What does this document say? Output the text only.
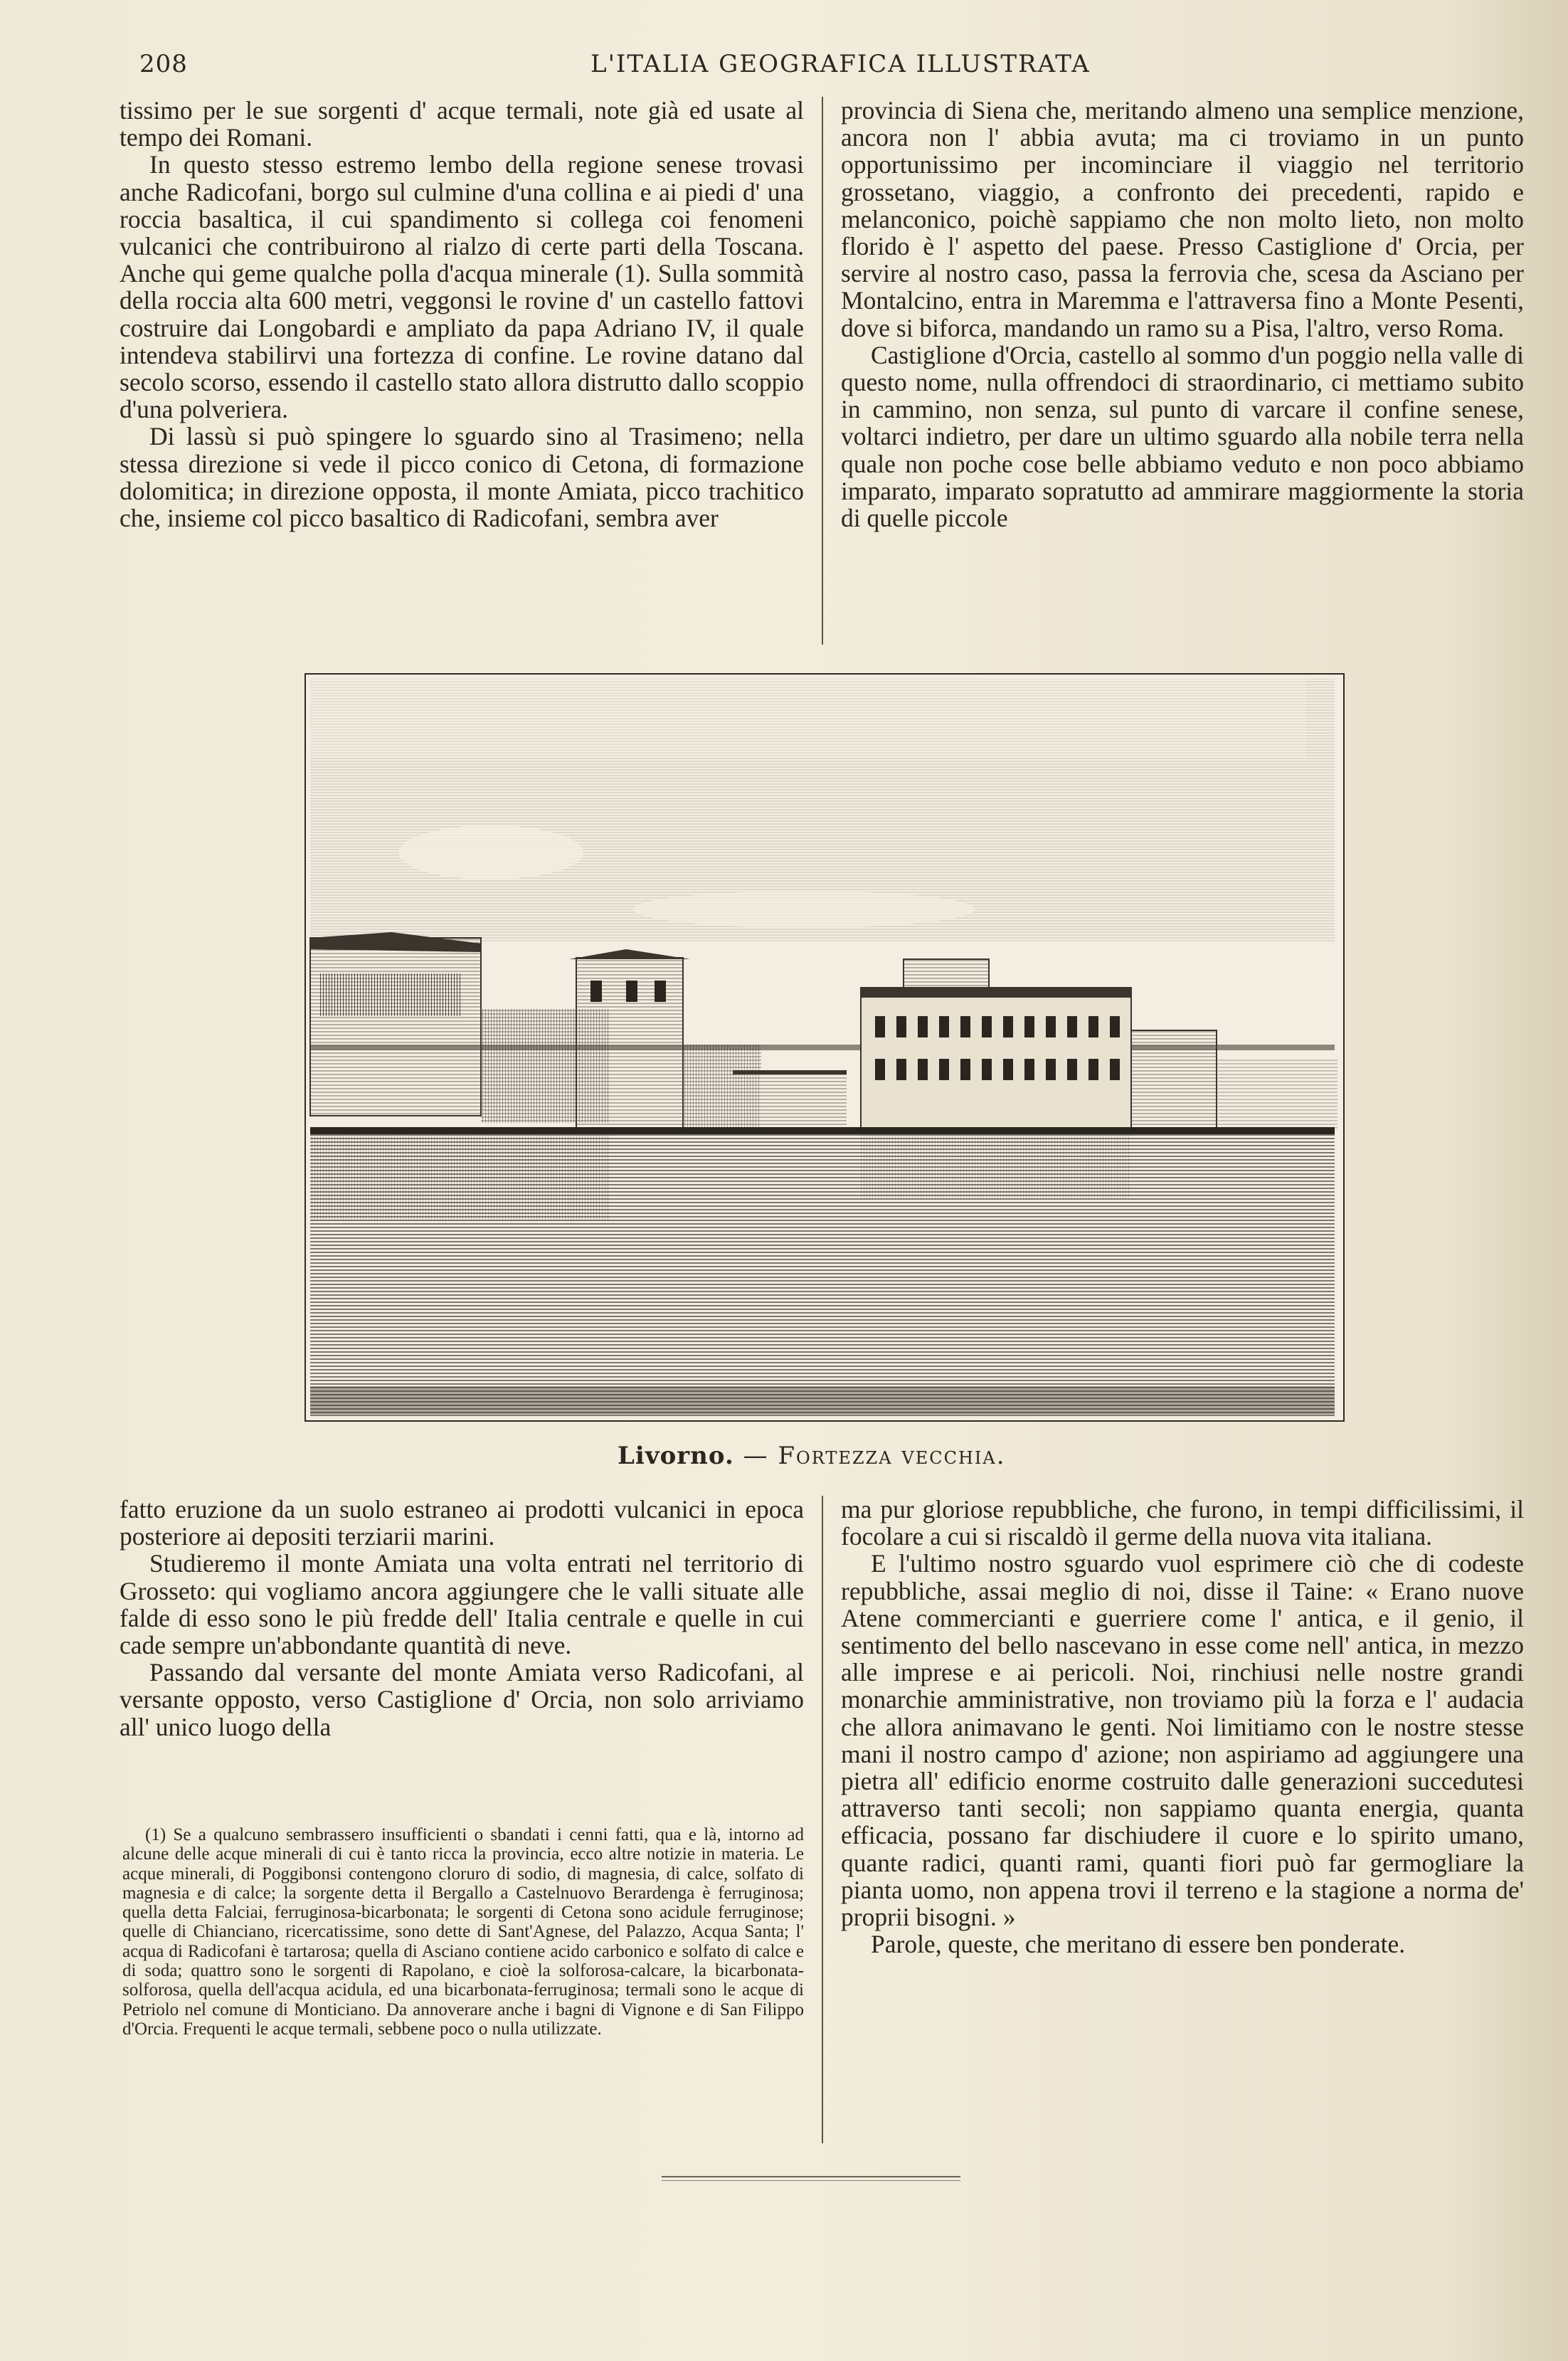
208	L'ITALIA GEOGRAFICA ILLUSTRATA

tissimo per le sue sorgenti d' acque termali, note già ed usate al tempo dei Romani.

In questo stesso estremo lembo della regione senese trovasi anche Radicofani, borgo sul culmine d'una collina e ai piedi d' una roccia basaltica, il cui spandimento si collega coi fenomeni vulcanici che contribuirono al rialzo di certe parti della Toscana. Anche qui geme qualche polla d'acqua minerale (1). Sulla sommità della roccia alta 600 metri, veggonsi le rovine d' un castello fattovi costruire dai Longobardi e ampliato da papa Adriano IV, il quale intendeva stabilirvi una fortezza di confine. Le rovine datano dal secolo scorso, essendo il castello stato allora distrutto dallo scoppio d'una polveriera.

Di lassù si può spingere lo sguardo sino al Trasimeno; nella stessa direzione si vede il picco conico di Cetona, di formazione dolomitica; in direzione opposta, il monte Amiata, picco trachitico che, insieme col picco basaltico di Radicofani, sembra aver

provincia di Siena che, meritando almeno una semplice menzione, ancora non l' abbia avuta; ma ci troviamo in un punto opportunissimo per incominciare il viaggio nel territorio grossetano, viaggio, a confronto dei precedenti, rapido e melanconico, poichè sappiamo che non molto lieto, non molto florido è l' aspetto del paese. Presso Castiglione d' Orcia, per servire al nostro caso, passa la ferrovia che, scesa da Asciano per Montalcino, entra in Maremma e l'attraversa fino a Monte Pesenti, dove si biforca, mandando un ramo su a Pisa, l'altro, verso Roma.

Castiglione d'Orcia, castello al sommo d'un poggio nella valle di questo nome, nulla offrendoci di straordinario, ci mettiamo subito in cammino, non senza, sul punto di varcare il confine senese, voltarci indietro, per dare un ultimo sguardo alla nobile terra nella quale non poche cose belle abbiamo veduto e non poco abbiamo imparato, imparato sopratutto ad ammirare maggiormente la storia di quelle piccole

Livorno. — Fortezza vecchia.

fatto eruzione da un suolo estraneo ai prodotti vulcanici in epoca posteriore ai depositi terziarii marini.

Studieremo il monte Amiata una volta entrati nel territorio di Grosseto: qui vogliamo ancora aggiungere che le valli situate alle falde di esso sono le più fredde dell' Italia centrale e quelle in cui cade sempre un'abbondante quantità di neve.

Passando dal versante del monte Amiata verso Radicofani, al versante opposto, verso Castiglione d' Orcia, non solo arriviamo all' unico luogo della

ma pur gloriose repubbliche, che furono, in tempi difficilissimi, il focolare a cui si riscaldò il germe della nuova vita italiana.

E l'ultimo nostro sguardo vuol esprimere ciò che di codeste repubbliche, assai meglio di noi, disse il Taine: « Erano nuove Atene commercianti e guerriere come l' antica, e il genio, il sentimento del bello nascevano in esse come nell' antica, in mezzo alle imprese e ai pericoli. Noi, rinchiusi nelle nostre grandi monarchie amministrative, non troviamo più la forza e l' audacia che allora animavano le genti. Noi limitiamo con le nostre stesse mani il nostro campo d' azione; non aspiriamo ad aggiungere una pietra all' edificio enorme costruito dalle generazioni succedutesi attraverso tanti secoli; non sappiamo quanta energia, quanta efficacia, possano far dischiudere il cuore e lo spirito umano, quante radici, quanti rami, quanti fiori può far germogliare la pianta uomo, non appena trovi il terreno e la stagione a norma de' proprii bisogni. »

Parole, queste, che meritano di essere ben ponderate.

(1) Se a qualcuno sembrassero insufficienti o sbandati i cenni fatti, qua e là, intorno ad alcune delle acque minerali di cui è tanto ricca la provincia, ecco altre notizie in materia. Le acque minerali, di Poggibonsi contengono cloruro di sodio, di magnesia, di calce, solfato di magnesia e di calce; la sorgente detta il Bergallo a Castelnuovo Berardenga è ferruginosa; quella detta Falciai, ferruginosa-bicarbonata; le sorgenti di Cetona sono acidule ferruginose; quelle di Chianciano, ricercatissime, sono dette di Sant'Agnese, del Palazzo, Acqua Santa; l' acqua di Radicofani è tartarosa; quella di Asciano contiene acido carbonico e solfato di calce e di soda; quattro sono le sorgenti di Rapolano, e cioè la solforosa-calcare, la bicarbonata-solforosa, quella dell'acqua acidula, ed una bicarbonata-ferruginosa; termali sono le acque di Petriolo nel comune di Monticiano. Da annoverare anche i bagni di Vignone e di San Filippo d'Orcia. Frequenti le acque termali, sebbene poco o nulla utilizzate.
